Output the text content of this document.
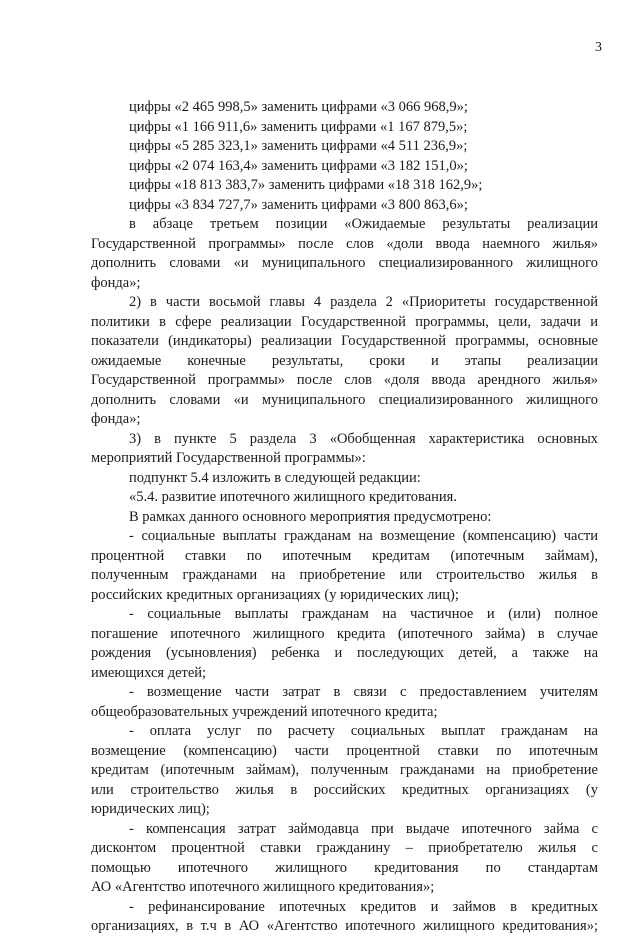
3
цифры «2 465 998,5» заменить цифрами «3 066 968,9»;
цифры «1 166 911,6» заменить цифрами «1 167 879,5»;
цифры «5 285 323,1» заменить цифрами «4 511 236,9»;
цифры «2 074 163,4» заменить цифрами «3 182 151,0»;
цифры «18 813 383,7» заменить цифрами «18 318 162,9»;
цифры «3 834 727,7» заменить цифрами «3 800 863,6»;
в абзаце третьем позиции «Ожидаемые результаты реализации
Государственной программы» после слов «доли ввода наемного жилья»
дополнить словами «и муниципального специализированного жилищного
фонда»;
2) в части восьмой главы 4 раздела 2 «Приоритеты государственной
политики в сфере реализации Государственной программы, цели, задачи и
показатели (индикаторы) реализации Государственной программы, основные
ожидаемые конечные результаты, сроки и этапы реализации
Государственной программы» после слов «доля ввода арендного жилья»
дополнить словами «и муниципального специализированного жилищного
фонда»;
3) в пункте 5 раздела 3 «Обобщенная характеристика основных
мероприятий Государственной программы»:
подпункт 5.4 изложить в следующей редакции:
«5.4. развитие ипотечного жилищного кредитования.
В рамках данного основного мероприятия предусмотрено:
- социальные выплаты гражданам на возмещение (компенсацию) части
процентной ставки по ипотечным кредитам (ипотечным займам),
полученным гражданами на приобретение или строительство жилья в
российских кредитных организациях (у юридических лиц);
- социальные выплаты гражданам на частичное и (или) полное
погашение ипотечного жилищного кредита (ипотечного займа) в случае
рождения (усыновления) ребенка и последующих детей, а также на
имеющихся детей;
- возмещение части затрат в связи с предоставлением учителям
общеобразовательных учреждений ипотечного кредита;
- оплата услуг по расчету социальных выплат гражданам на
возмещение (компенсацию) части процентной ставки по ипотечным
кредитам (ипотечным займам), полученным гражданами на приобретение
или строительство жилья в российских кредитных организациях (у
юридических лиц);
- компенсация затрат займодавца при выдаче ипотечного займа с
дисконтом процентной ставки гражданину – приобретателю жилья с
помощью ипотечного жилищного кредитования по стандартам
АО «Агентство ипотечного жилищного кредитования»;
- рефинансирование ипотечных кредитов и займов в кредитных
организациях, в т.ч в АО «Агентство ипотечного жилищного кредитования»;
